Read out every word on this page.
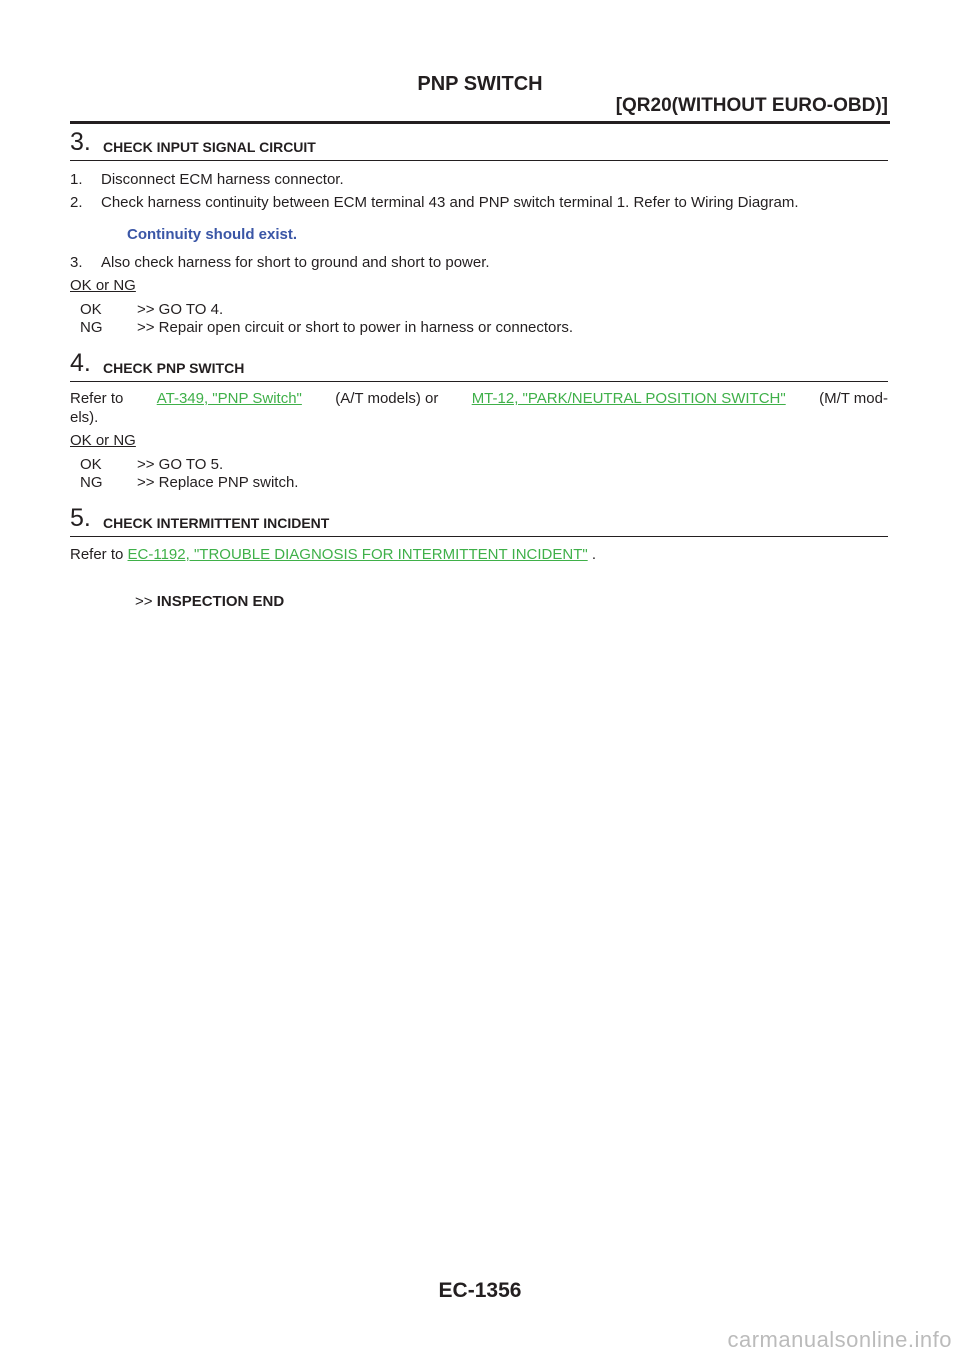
PNP SWITCH
[QR20(WITHOUT EURO-OBD)]
3. CHECK INPUT SIGNAL CIRCUIT
1. Disconnect ECM harness connector.
2. Check harness continuity between ECM terminal 43 and PNP switch terminal 1. Refer to Wiring Diagram.
Continuity should exist.
3. Also check harness for short to ground and short to power.
OK or NG
OK >> GO TO 4.
NG >> Repair open circuit or short to power in harness or connectors.
4. CHECK PNP SWITCH
Refer to AT-349, "PNP Switch" (A/T models) or MT-12, "PARK/NEUTRAL POSITION SWITCH" (M/T mod-
els).
OK or NG
OK >> GO TO 5.
NG >> Replace PNP switch.
5. CHECK INTERMITTENT INCIDENT
Refer to EC-1192, "TROUBLE DIAGNOSIS FOR INTERMITTENT INCIDENT" .
>> INSPECTION END
EC-1356
carmanualsonline.info
